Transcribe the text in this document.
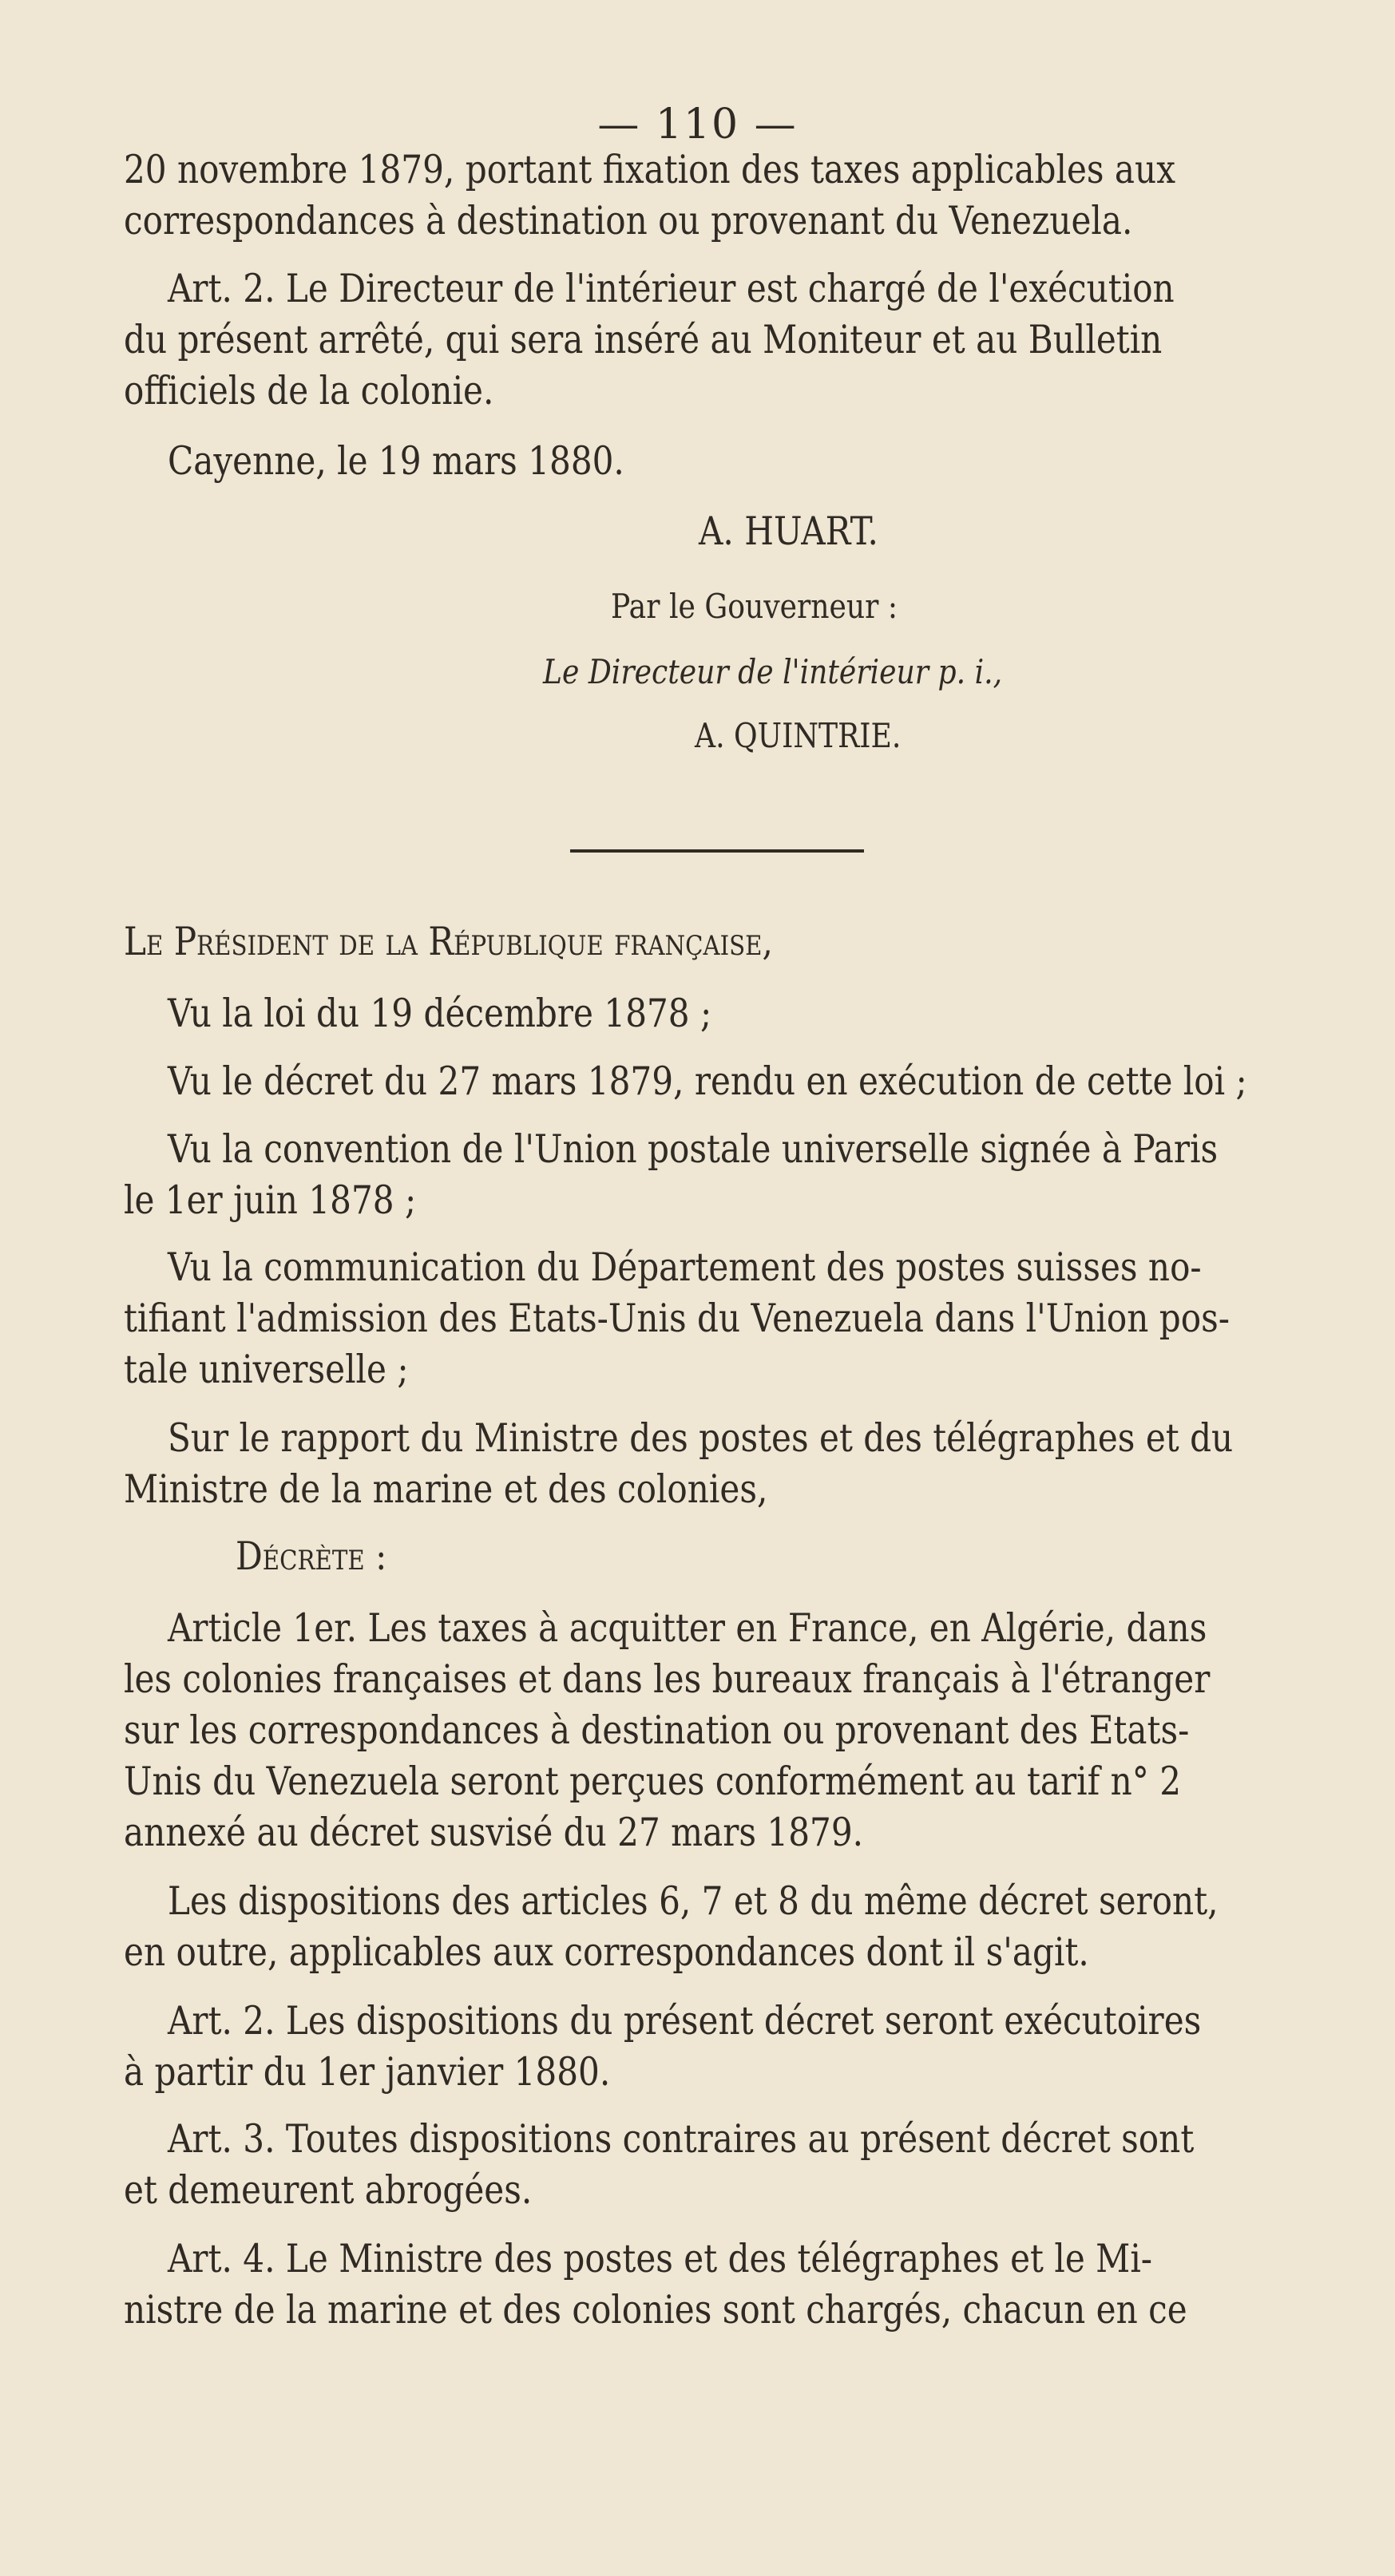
— 110 —
20 novembre 1879, portant fixation des taxes applicables aux
correspondances à destination ou provenant du Venezuela.
Art. 2. Le Directeur de l'intérieur est chargé de l'exécution
du présent arrêté, qui sera inséré au Moniteur et au Bulletin
officiels de la colonie.
Cayenne, le 19 mars 1880.
A. HUART.
Par le Gouverneur :
Le Directeur de l'intérieur p. i.,
A. QUINTRIE.
Le Président de la République française,
Vu la loi du 19 décembre 1878 ;
Vu le décret du 27 mars 1879, rendu en exécution de cette loi ;
Vu la convention de l'Union postale universelle signée à Paris
le 1er juin 1878 ;
Vu la communication du Département des postes suisses no-
tifiant l'admission des Etats-Unis du Venezuela dans l'Union pos-
tale universelle ;
Sur le rapport du Ministre des postes et des télégraphes et du
Ministre de la marine et des colonies,
Décrète :
Article 1er. Les taxes à acquitter en France, en Algérie, dans
les colonies françaises et dans les bureaux français à l'étranger
sur les correspondances à destination ou provenant des Etats-
Unis du Venezuela seront perçues conformément au tarif n° 2
annexé au décret susvisé du 27 mars 1879.
Les dispositions des articles 6, 7 et 8 du même décret seront,
en outre, applicables aux correspondances dont il s'agit.
Art. 2. Les dispositions du présent décret seront exécutoires
à partir du 1er janvier 1880.
Art. 3. Toutes dispositions contraires au présent décret sont
et demeurent abrogées.
Art. 4. Le Ministre des postes et des télégraphes et le Mi-
nistre de la marine et des colonies sont chargés, chacun en ce
